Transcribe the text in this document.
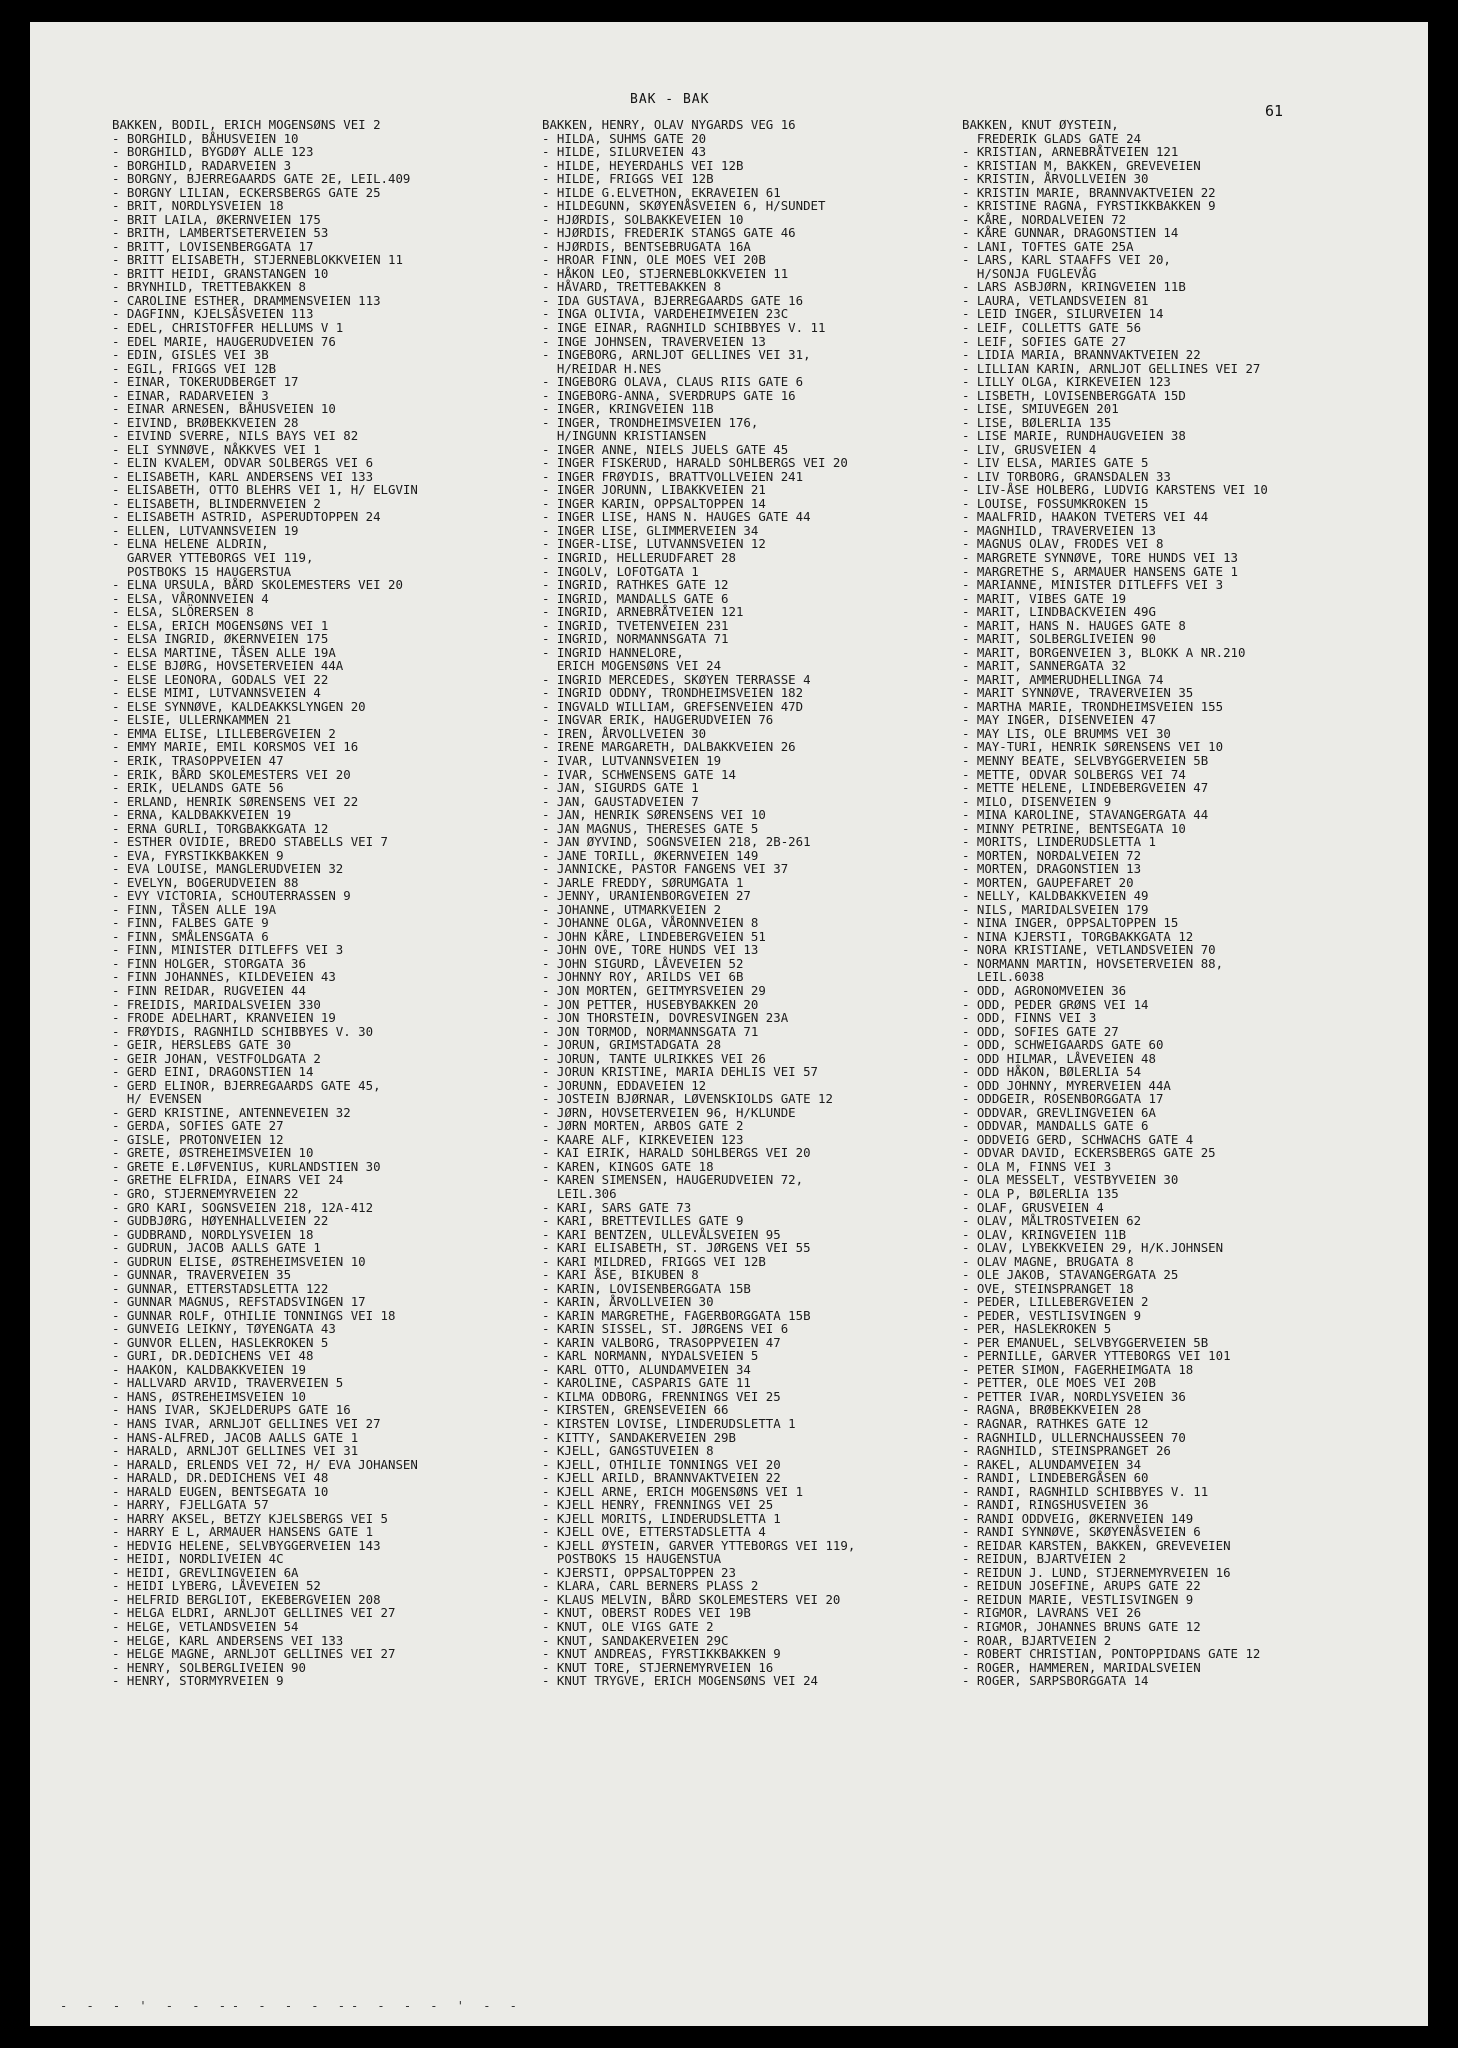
BAK - BAK
61
BAKKEN, BODIL, ERICH MOGENSØNS VEI 2
- BORGHILD, BÅHUSVEIEN 10
- BORGHILD, BYGDØY ALLE 123
- BORGHILD, RADARVEIEN 3
- BORGNY, BJERREGAARDS GATE 2E, LEIL.409
- BORGNY LILIAN, ECKERSBERGS GATE 25
- BRIT, NORDLYSVEIEN 18
- BRIT LAILA, ØKERNVEIEN 175
- BRITH, LAMBERTSETERVEIEN 53
- BRITT, LOVISENBERGGATA 17
- BRITT ELISABETH, STJERNEBLOKKVEIEN 11
- BRITT HEIDI, GRANSTANGEN 10
- BRYNHILD, TRETTEBAKKEN 8
- CAROLINE ESTHER, DRAMMENSVEIEN 113
- DAGFINN, KJELSÅSVEIEN 113
- EDEL, CHRISTOFFER HELLUMS V 1
- EDEL MARIE, HAUGERUDVEIEN 76
- EDIN, GISLES VEI 3B
- EGIL, FRIGGS VEI 12B
- EINAR, TOKERUDBERGET 17
- EINAR, RADARVEIEN 3
- EINAR ARNESEN, BÅHUSVEIEN 10
- EIVIND, BRØBEKKVEIEN 28
- EIVIND SVERRE, NILS BAYS VEI 82
- ELI SYNNØVE, NÅKKVES VEI 1
- ELIN KVALEM, ODVAR SOLBERGS VEI 6
- ELISABETH, KARL ANDERSENS VEI 133
- ELISABETH, OTTO BLEHRS VEI 1, H/ ELGVIN
- ELISABETH, BLINDERNVEIEN 2
- ELISABETH ASTRID, ASPERUDTOPPEN 24
- ELLEN, LUTVANNSVEIEN 19
- ELNA HELENE ALDRIN,
GARVER YTTEBORGS VEI 119,
POSTBOKS 15 HAUGERSTUA
- ELNA URSULA, BÅRD SKOLEMESTERS VEI 20
- ELSA, VÅRONNVEIEN 4
- ELSA, SLÖRERSEN 8
- ELSA, ERICH MOGENSØNS VEI 1
- ELSA INGRID, ØKERNVEIEN 175
- ELSA MARTINE, TÅSEN ALLE 19A
- ELSE BJØRG, HOVSETERVEIEN 44A
- ELSE LEONORA, GODALS VEI 22
- ELSE MIMI, LUTVANNSVEIEN 4
- ELSE SYNNØVE, KALDEAKKSLYNGEN 20
- ELSIE, ULLERNKAMMEN 21
- EMMA ELISE, LILLEBERGVEIEN 2
- EMMY MARIE, EMIL KORSMOS VEI 16
- ERIK, TRASOPPVEIEN 47
- ERIK, BÅRD SKOLEMESTERS VEI 20
- ERIK, UELANDS GATE 56
- ERLAND, HENRIK SØRENSENS VEI 22
- ERNA, KALDBAKKVEIEN 19
- ERNA GURLI, TORGBAKKGATA 12
- ESTHER OVIDIE, BREDO STABELLS VEI 7
- EVA, FYRSTIKKBAKKEN 9
- EVA LOUISE, MANGLERUDVEIEN 32
- EVELYN, BOGERUDVEIEN 88
- EVY VICTORIA, SCHOUTERRASSEN 9
- FINN, TÅSEN ALLE 19A
- FINN, FALBES GATE 9
- FINN, SMÅLENSGATA 6
- FINN, MINISTER DITLEFFS VEI 3
- FINN HOLGER, STORGATA 36
- FINN JOHANNES, KILDEVEIEN 43
- FINN REIDAR, RUGVEIEN 44
- FREIDIS, MARIDALSVEIEN 330
- FRODE ADELHART, KRANVEIEN 19
- FRØYDIS, RAGNHILD SCHIBBYES V. 30
- GEIR, HERSLEBS GATE 30
- GEIR JOHAN, VESTFOLDGATA 2
- GERD EINI, DRAGONSTIEN 14
- GERD ELINOR, BJERREGAARDS GATE 45,
H/ EVENSEN
- GERD KRISTINE, ANTENNEVEIEN 32
- GERDA, SOFIES GATE 27
- GISLE, PROTONVEIEN 12
- GRETE, ØSTREHEIMSVEIEN 10
- GRETE E.LØFVENIUS, KURLANDSTIEN 30
- GRETHE ELFRIDA, EINARS VEI 24
- GRO, STJERNEMYRVEIEN 22
- GRO KARI, SOGNSVEIEN 218, 12A-412
- GUDBJØRG, HØYENHALLVEIEN 22
- GUDBRAND, NORDLYSVEIEN 18
- GUDRUN, JACOB AALLS GATE 1
- GUDRUN ELISE, ØSTREHEIMSVEIEN 10
- GUNNAR, TRAVERVEIEN 35
- GUNNAR, ETTERSTADSLETTA 122
- GUNNAR MAGNUS, REFSTADSVINGEN 17
- GUNNAR ROLF, OTHILIE TONNINGS VEI 18
- GUNVEIG LEIKNY, TØYENGATA 43
- GUNVOR ELLEN, HASLEKROKEN 5
- GURI, DR.DEDICHENS VEI 48
- HAAKON, KALDBAKKVEIEN 19
- HALLVARD ARVID, TRAVERVEIEN 5
- HANS, ØSTREHEIMSVEIEN 10
- HANS IVAR, SKJELDERUPS GATE 16
- HANS IVAR, ARNLJOT GELLINES VEI 27
- HANS-ALFRED, JACOB AALLS GATE 1
- HARALD, ARNLJOT GELLINES VEI 31
- HARALD, ERLENDS VEI 72, H/ EVA JOHANSEN
- HARALD, DR.DEDICHENS VEI 48
- HARALD EUGEN, BENTSEGATA 10
- HARRY, FJELLGATA 57
- HARRY AKSEL, BETZY KJELSBERGS VEI 5
- HARRY E L, ARMAUER HANSENS GATE 1
- HEDVIG HELENE, SELVBYGGERVEIEN 143
- HEIDI, NORDLIVEIEN 4C
- HEIDI, GREVLINGVEIEN 6A
- HEIDI LYBERG, LÅVEVEIEN 52
- HELFRID BERGLIOT, EKEBERGVEIEN 208
- HELGA ELDRI, ARNLJOT GELLINES VEI 27
- HELGE, VETLANDSVEIEN 54
- HELGE, KARL ANDERSENS VEI 133
- HELGE MAGNE, ARNLJOT GELLINES VEI 27
- HENRY, SOLBERGLIVEIEN 90
- HENRY, STORMYRVEIEN 9
BAKKEN, HENRY, OLAV NYGARDS VEG 16
- HILDA, SUHMS GATE 20
- HILDE, SILURVEIEN 43
- HILDE, HEYERDAHLS VEI 12B
- HILDE, FRIGGS VEI 12B
- HILDE G.ELVETHON, EKRAVEIEN 61
- HILDEGUNN, SKØYENÅSVEIEN 6, H/SUNDET
- HJØRDIS, SOLBAKKEVEIEN 10
- HJØRDIS, FREDERIK STANGS GATE 46
- HJØRDIS, BENTSEBRUGATA 16A
- HROAR FINN, OLE MOES VEI 20B
- HÅKON LEO, STJERNEBLOKKVEIEN 11
- HÅVARD, TRETTEBAKKEN 8
- IDA GUSTAVA, BJERREGAARDS GATE 16
- INGA OLIVIA, VARDEHEIMVEIEN 23C
- INGE EINAR, RAGNHILD SCHIBBYES V. 11
- INGE JOHNSEN, TRAVERVEIEN 13
- INGEBORG, ARNLJOT GELLINES VEI 31,
H/REIDAR H.NES
- INGEBORG OLAVA, CLAUS RIIS GATE 6
- INGEBORG-ANNA, SVERDRUPS GATE 16
- INGER, KRINGVEIEN 11B
- INGER, TRONDHEIMSVEIEN 176,
H/INGUNN KRISTIANSEN
- INGER ANNE, NIELS JUELS GATE 45
- INGER FISKERUD, HARALD SOHLBERGS VEI 20
- INGER FRØYDIS, BRATTVOLLVEIEN 241
- INGER JORUNN, LIBAKKVEIEN 21
- INGER KARIN, OPPSALTOPPEN 14
- INGER LISE, HANS N. HAUGES GATE 44
- INGER LISE, GLIMMERVEIEN 34
- INGER-LISE, LUTVANNSVEIEN 12
- INGRID, HELLERUDFARET 28
- INGOLV, LOFOTGATA 1
- INGRID, RATHKES GATE 12
- INGRID, MANDALLS GATE 6
- INGRID, ARNEBRÅTVEIEN 121
- INGRID, TVETENVEIEN 231
- INGRID, NORMANNSGATA 71
- INGRID HANNELORE,
ERICH MOGENSØNS VEI 24
- INGRID MERCEDES, SKØYEN TERRASSE 4
- INGRID ODDNY, TRONDHEIMSVEIEN 182
- INGVALD WILLIAM, GREFSENVEIEN 47D
- INGVAR ERIK, HAUGERUDVEIEN 76
- IREN, ÅRVOLLVEIEN 30
- IRENE MARGARETH, DALBAKKVEIEN 26
- IVAR, LUTVANNSVEIEN 19
- IVAR, SCHWENSENS GATE 14
- JAN, SIGURDS GATE 1
- JAN, GAUSTADVEIEN 7
- JAN, HENRIK SØRENSENS VEI 10
- JAN MAGNUS, THERESES GATE 5
- JAN ØYVIND, SOGNSVEIEN 218, 2B-261
- JANE TORILL, ØKERNVEIEN 149
- JANNICKE, PASTOR FANGENS VEI 37
- JARLE FREDDY, SØRUMGATA 1
- JENNY, URANIENBORGVEIEN 27
- JOHANNE, UTMARKVEIEN 2
- JOHANNE OLGA, VÅRONNVEIEN 8
- JOHN KÅRE, LINDEBERGVEIEN 51
- JOHN OVE, TORE HUNDS VEI 13
- JOHN SIGURD, LÅVEVEIEN 52
- JOHNNY ROY, ARILDS VEI 6B
- JON MORTEN, GEITMYRSVEIEN 29
- JON PETTER, HUSEBYBAKKEN 20
- JON THORSTEIN, DOVRESVINGEN 23A
- JON TORMOD, NORMANNSGATA 71
- JORUN, GRIMSTADGATA 28
- JORUN, TANTE ULRIKKES VEI 26
- JORUN KRISTINE, MARIA DEHLIS VEI 57
- JORUNN, EDDAVEIEN 12
- JOSTEIN BJØRNAR, LØVENSKIOLDS GATE 12
- JØRN, HOVSETERVEIEN 96, H/KLUNDE
- JØRN MORTEN, ARBOS GATE 2
- KAARE ALF, KIRKEVEIEN 123
- KAI EIRIK, HARALD SOHLBERGS VEI 20
- KAREN, KINGOS GATE 18
- KAREN SIMENSEN, HAUGERUDVEIEN 72,
LEIL.306
- KARI, SARS GATE 73
- KARI, BRETTEVILLES GATE 9
- KARI BENTZEN, ULLEVÅLSVEIEN 95
- KARI ELISABETH, ST. JØRGENS VEI 55
- KARI MILDRED, FRIGGS VEI 12B
- KARI ÅSE, BIKUBEN 8
- KARIN, LOVISENBERGGATA 15B
- KARIN, ÅRVOLLVEIEN 30
- KARIN MARGRETHE, FAGERBORGGATA 15B
- KARIN SISSEL, ST. JØRGENS VEI 6
- KARIN VALBORG, TRASOPPVEIEN 47
- KARL NORMANN, NYDALSVEIEN 5
- KARL OTTO, ALUNDAMVEIEN 34
- KAROLINE, CASPARIS GATE 11
- KILMA ODBORG, FRENNINGS VEI 25
- KIRSTEN, GRENSEVEIEN 66
- KIRSTEN LOVISE, LINDERUDSLETTA 1
- KITTY, SANDAKERVEIEN 29B
- KJELL, GANGSTUVEIEN 8
- KJELL, OTHILIE TONNINGS VEI 20
- KJELL ARILD, BRANNVAKTVEIEN 22
- KJELL ARNE, ERICH MOGENSØNS VEI 1
- KJELL HENRY, FRENNINGS VEI 25
- KJELL MORITS, LINDERUDSLETTA 1
- KJELL OVE, ETTERSTADSLETTA 4
- KJELL ØYSTEIN, GARVER YTTEBORGS VEI 119,
POSTBOKS 15 HAUGENSTUA
- KJERSTI, OPPSALTOPPEN 23
- KLARA, CARL BERNERS PLASS 2
- KLAUS MELVIN, BÅRD SKOLEMESTERS VEI 20
- KNUT, OBERST RODES VEI 19B
- KNUT, OLE VIGS GATE 2
- KNUT, SANDAKERVEIEN 29C
- KNUT ANDREAS, FYRSTIKKBAKKEN 9
- KNUT TORE, STJERNEMYRVEIEN 16
- KNUT TRYGVE, ERICH MOGENSØNS VEI 24
BAKKEN, KNUT ØYSTEIN,
FREDERIK GLADS GATE 24
- KRISTIAN, ARNEBRÅTVEIEN 121
- KRISTIAN M, BAKKEN, GREVEVEIEN
- KRISTIN, ÅRVOLLVEIEN 30
- KRISTIN MARIE, BRANNVAKTVEIEN 22
- KRISTINE RAGNA, FYRSTIKKBAKKEN 9
- KÅRE, NORDALVEIEN 72
- KÅRE GUNNAR, DRAGONSTIEN 14
- LANI, TOFTES GATE 25A
- LARS, KARL STAAFFS VEI 20,
H/SONJA FUGLEVÅG
- LARS ASBJØRN, KRINGVEIEN 11B
- LAURA, VETLANDSVEIEN 81
- LEID INGER, SILURVEIEN 14
- LEIF, COLLETTS GATE 56
- LEIF, SOFIES GATE 27
- LIDIA MARIA, BRANNVAKTVEIEN 22
- LILLIAN KARIN, ARNLJOT GELLINES VEI 27
- LILLY OLGA, KIRKEVEIEN 123
- LISBETH, LOVISENBERGGATA 15D
- LISE, SMIUVEGEN 201
- LISE, BØLERLIA 135
- LISE MARIE, RUNDHAUGVEIEN 38
- LIV, GRUSVEIEN 4
- LIV ELSA, MARIES GATE 5
- LIV TORBORG, GRANSDALEN 33
- LIV-ÅSE HOLBERG, LUDVIG KARSTENS VEI 10
- LOUISE, FOSSUMKROKEN 15
- MAALFRID, HAAKON TVETERS VEI 44
- MAGNHILD, TRAVERVEIEN 13
- MAGNUS OLAV, FRODES VEI 8
- MARGRETE SYNNØVE, TORE HUNDS VEI 13
- MARGRETHE S, ARMAUER HANSENS GATE 1
- MARIANNE, MINISTER DITLEFFS VEI 3
- MARIT, VIBES GATE 19
- MARIT, LINDBACKVEIEN 49G
- MARIT, HANS N. HAUGES GATE 8
- MARIT, SOLBERGLIVEIEN 90
- MARIT, BORGENVEIEN 3, BLOKK A NR.210
- MARIT, SANNERGATA 32
- MARIT, AMMERUDHELLINGA 74
- MARIT SYNNØVE, TRAVERVEIEN 35
- MARTHA MARIE, TRONDHEIMSVEIEN 155
- MAY INGER, DISENVEIEN 47
- MAY LIS, OLE BRUMMS VEI 30
- MAY-TURI, HENRIK SØRENSENS VEI 10
- MENNY BEATE, SELVBYGGERVEIEN 5B
- METTE, ODVAR SOLBERGS VEI 74
- METTE HELENE, LINDEBERGVEIEN 47
- MILO, DISENVEIEN 9
- MINA KAROLINE, STAVANGERGATA 44
- MINNY PETRINE, BENTSEGATA 10
- MORITS, LINDERUDSLETTA 1
- MORTEN, NORDALVEIEN 72
- MORTEN, DRAGONSTIEN 13
- MORTEN, GAUPEFARET 20
- NELLY, KALDBAKKVEIEN 49
- NILS, MARIDALSVEIEN 179
- NINA INGER, OPPSALTOPPEN 15
- NINA KJERSTI, TORGBAKKGATA 12
- NORA KRISTIANE, VETLANDSVEIEN 70
- NORMANN MARTIN, HOVSETERVEIEN 88,
LEIL.6038
- ODD, AGRONOMVEIEN 36
- ODD, PEDER GRØNS VEI 14
- ODD, FINNS VEI 3
- ODD, SOFIES GATE 27
- ODD, SCHWEIGAARDS GATE 60
- ODD HILMAR, LÅVEVEIEN 48
- ODD HÅKON, BØLERLIA 54
- ODD JOHNNY, MYRERVEIEN 44A
- ODDGEIR, ROSENBORGGATA 17
- ODDVAR, GREVLINGVEIEN 6A
- ODDVAR, MANDALLS GATE 6
- ODDVEIG GERD, SCHWACHS GATE 4
- ODVAR DAVID, ECKERSBERGS GATE 25
- OLA M, FINNS VEI 3
- OLA MESSELT, VESTBYVEIEN 30
- OLA P, BØLERLIA 135
- OLAF, GRUSVEIEN 4
- OLAV, MÅLTROSTVEIEN 62
- OLAV, KRINGVEIEN 11B
- OLAV, LYBEKKVEIEN 29, H/K.JOHNSEN
- OLAV MAGNE, BRUGATA 8
- OLE JAKOB, STAVANGERGATA 25
- OVE, STEINSPRANGET 18
- PEDER, LILLEBERGVEIEN 2
- PEDER, VESTLISVINGEN 9
- PER, HASLEKROKEN 5
- PER EMANUEL, SELVBYGGERVEIEN 5B
- PERNILLE, GARVER YTTEBORGS VEI 101
- PETER SIMON, FAGERHEIMGATA 18
- PETTER, OLE MOES VEI 20B
- PETTER IVAR, NORDLYSVEIEN 36
- RAGNA, BRØBEKKVEIEN 28
- RAGNAR, RATHKES GATE 12
- RAGNHILD, ULLERNCHAUSSEEN 70
- RAGNHILD, STEINSPRANGET 26
- RAKEL, ALUNDAMVEIEN 34
- RANDI, LINDEBERGÅSEN 60
- RANDI, RAGNHILD SCHIBBYES V. 11
- RANDI, RINGSHUSVEIEN 36
- RANDI ODDVEIG, ØKERNVEIEN 149
- RANDI SYNNØVE, SKØYENÅSVEIEN 6
- REIDAR KARSTEN, BAKKEN, GREVEVEIEN
- REIDUN, BJARTVEIEN 2
- REIDUN J. LUND, STJERNEMYRVEIEN 16
- REIDUN JOSEFINE, ARUPS GATE 22
- REIDUN MARIE, VESTLISVINGEN 9
- RIGMOR, LAVRANS VEI 26
- RIGMOR, JOHANNES BRUNS GATE 12
- ROAR, BJARTVEIEN 2
- ROBERT CHRISTIAN, PONTOPPIDANS GATE 12
- ROGER, HAMMEREN, MARIDALSVEIEN
- ROGER, SARPSBORGGATA 14
- - - ' - - -- - - - -- - - - ' - -
